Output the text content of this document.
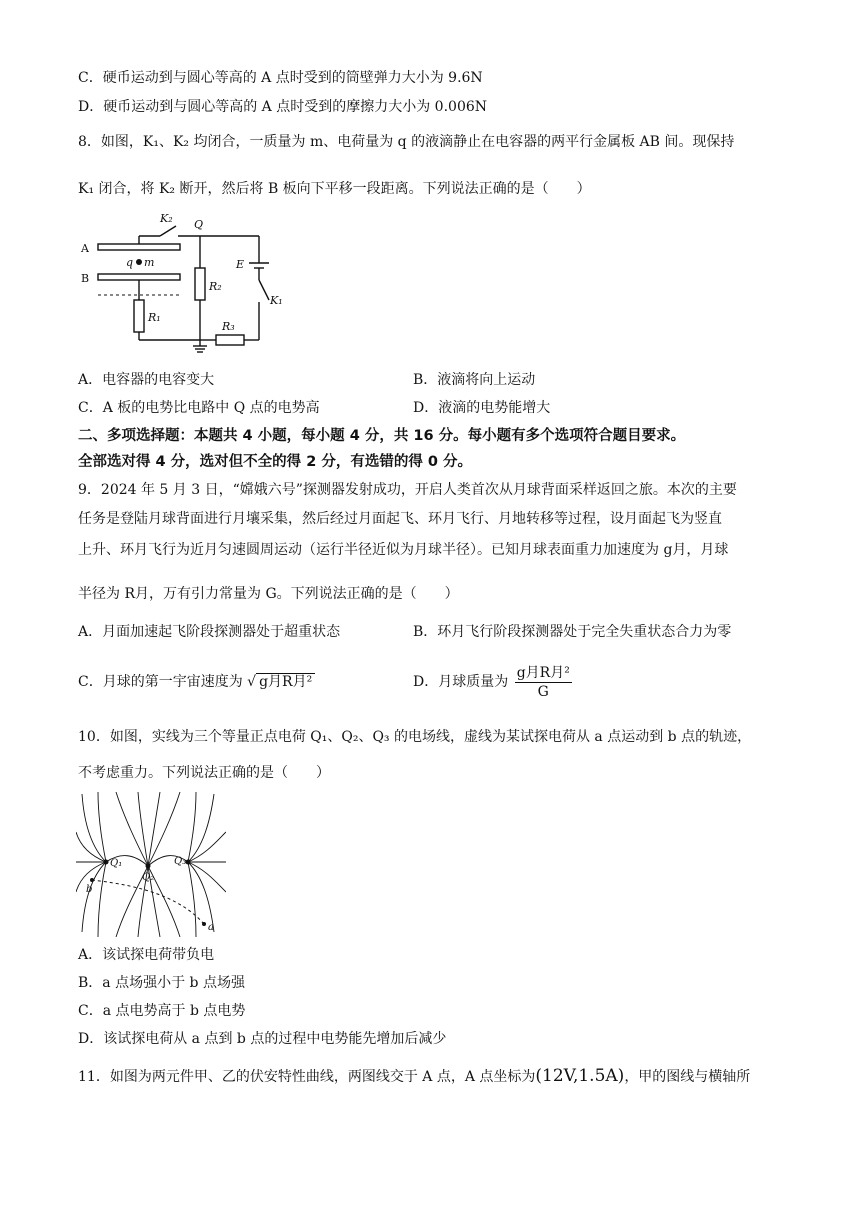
C．硬币运动到与圆心等高的 A 点时受到的筒壁弹力大小为 9.6N
D．硬币运动到与圆心等高的 A 点时受到的摩擦力大小为 0.006N
8．如图，K₁、K₂ 均闭合，一质量为 m、电荷量为 q 的液滴静止在电容器的两平行金属板 AB 间。现保持
K₁ 闭合，将 K₂ 断开，然后将 B 板向下平移一段距离。下列说法正确的是（　　）
K₂ Q
A
B
q m	E
K₁
R₁
R₂
R₃
A．电容器的电容变大	B．液滴将向上运动
C．A 板的电势比电路中 Q 点的电势高	D．液滴的电势能增大
二、多项选择题：本题共 4 小题，每小题 4 分，共 16 分。每小题有多个选项符合题目要求。
全部选对得 4 分，选对但不全的得 2 分，有选错的得 0 分。
9．2024 年 5 月 3 日，“嫦娥六号”探测器发射成功，开启人类首次从月球背面采样返回之旅。本次的主要
任务是登陆月球背面进行月壤采集，然后经过月面起飞、环月飞行、月地转移等过程，设月面起飞为竖直
上升、环月飞行为近月匀速圆周运动（运行半径近似为月球半径）。已知月球表面重力加速度为 g月，月球
半径为 R月，万有引力常量为 G。下列说法正确的是（　　）
A．月面加速起飞阶段探测器处于超重状态	B．环月飞行阶段探测器处于完全失重状态合力为零
C．月球的第一宇宙速度为 √ g月R月²	D．月球质量为 $\frac{\text{g月R月²}}{G}$
10．如图，实线为三个等量正点电荷 Q₁、Q₂、Q₃ 的电场线，虚线为某试探电荷从 a 点运动到 b 点的轨迹，
不考虑重力。下列说法正确的是（　　）
Q₁
Q₂
Q₃
b
a
A．该试探电荷带负电
B．a 点场强小于 b 点场强
C．a 点电势高于 b 点电势
D．该试探电荷从 a 点到 b 点的过程中电势能先增加后减少
11．如图为两元件甲、乙的伏安特性曲线，两图线交于 A 点，A 点坐标为(12V,1.5A)，甲的图线与横轴所
